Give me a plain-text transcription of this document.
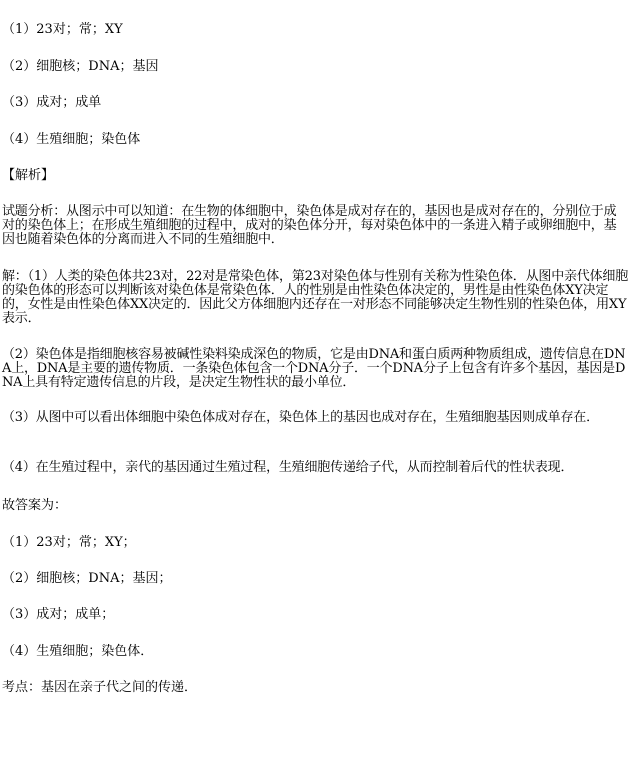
（1）23对；常；XY
（2）细胞核；DNA；基因
（3）成对；成单
（4）生殖细胞；染色体
【解析】
试题分析：从图示中可以知道：在生物的体细胞中，染色体是成对存在的，基因也是成对存在的，分别位于成对的染色体上；在形成生殖细胞的过程中，成对的染色体分开，每对染色体中的一条进入精子或卵细胞中，基因也随着染色体的分离而进入不同的生殖细胞中．
解：（1）人类的染色体共23对，22对是常染色体，第23对染色体与性别有关称为性染色体．从图中亲代体细胞的染色体的形态可以判断该对染色体是常染色体．人的性别是由性染色体决定的，男性是由性染色体XY决定的，女性是由性染色体XX决定的．因此父方体细胞内还存在一对形态不同能够决定生物性别的性染色体，用XY表示．
（2）染色体是指细胞核容易被碱性染料染成深色的物质，它是由DNA和蛋白质两种物质组成，遗传信息在DNA上，DNA是主要的遗传物质．一条染色体包含一个DNA分子．一个DNA分子上包含有许多个基因，基因是DNA上具有特定遗传信息的片段，是决定生物性状的最小单位．
（3）从图中可以看出体细胞中染色体成对存在，染色体上的基因也成对存在，生殖细胞基因则成单存在．
（4）在生殖过程中，亲代的基因通过生殖过程，生殖细胞传递给子代，从而控制着后代的性状表现．
故答案为：
（1）23对；常；XY；
（2）细胞核；DNA；基因；
（3）成对；成单；
（4）生殖细胞；染色体．
考点：基因在亲子代之间的传递．
